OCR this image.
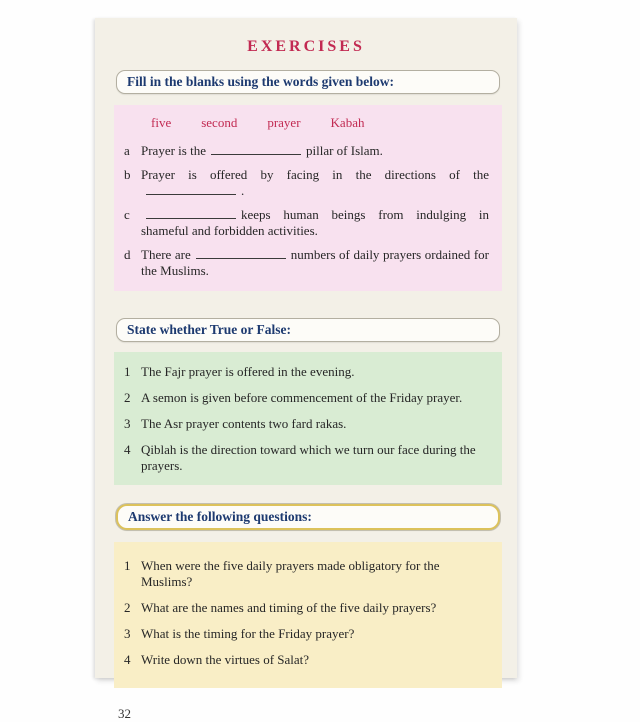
EXERCISES
Fill in the blanks using the words given below:
five second prayer Kabah
a Prayer is the	pillar of Islam.
b Prayer is offered by facing in the directions of the.
c	keeps human beings from indulging in shameful and forbidden activities.
d There are	numbers of daily prayers ordained for the Muslims.
State whether True or False:
1 The Fajr prayer is offered in the evening.
2 A semon is given before commencement of the Friday prayer.
3 The Asr prayer contents two fard rakas.
4 Qiblah is the direction toward which we turn our face during the prayers.
Answer the following questions:
1 When were the five daily prayers made obligatory for the Muslims?
2 What are the names and timing of the five daily prayers?
3 What is the timing for the Friday prayer?
4 Write down the virtues of Salat?
32
